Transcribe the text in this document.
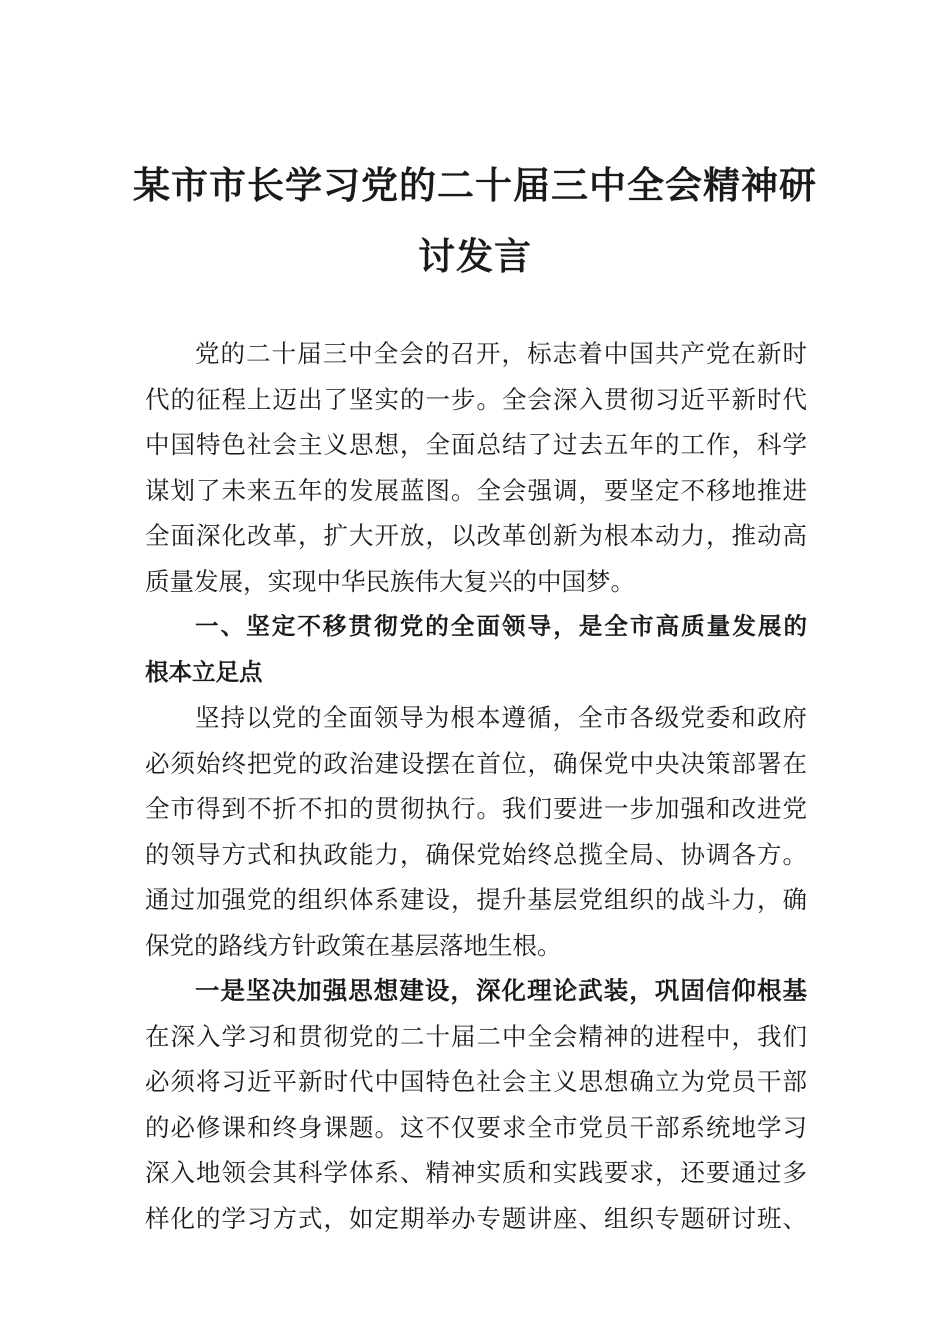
某市市长学习党的二十届三中全会精神研
讨发言
党的二十届三中全会的召开，标志着中国共产党在新时
代的征程上迈出了坚实的一步。全会深入贯彻习近平新时代
中国特色社会主义思想，全面总结了过去五年的工作，科学
谋划了未来五年的发展蓝图。全会强调，要坚定不移地推进
全面深化改革，扩大开放，以改革创新为根本动力，推动高
质量发展，实现中华民族伟大复兴的中国梦。
一、坚定不移贯彻党的全面领导，是全市高质量发展的
根本立足点
坚持以党的全面领导为根本遵循，全市各级党委和政府
必须始终把党的政治建设摆在首位，确保党中央决策部署在
全市得到不折不扣的贯彻执行。我们要进一步加强和改进党
的领导方式和执政能力，确保党始终总揽全局、协调各方。
通过加强党的组织体系建设，提升基层党组织的战斗力，确
保党的路线方针政策在基层落地生根。
一是坚决加强思想建设，深化理论武装，巩固信仰根基
在深入学习和贯彻党的二十届二中全会精神的进程中，我们
必须将习近平新时代中国特色社会主义思想确立为党员干部
的必修课和终身课题。这不仅要求全市党员干部系统地学习
深入地领会其科学体系、精神实质和实践要求，还要通过多
样化的学习方式，如定期举办专题讲座、组织专题研讨班、
